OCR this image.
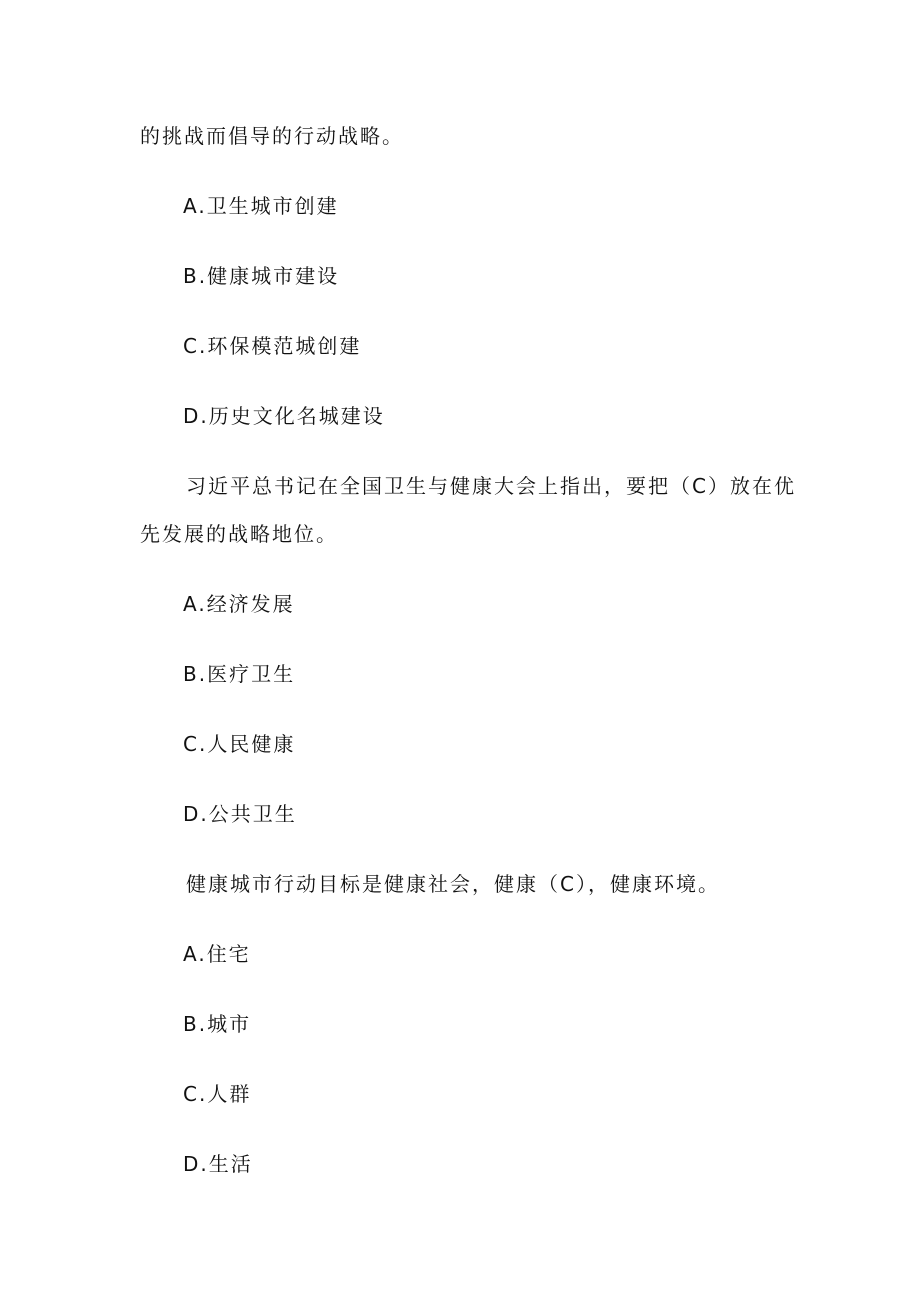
的挑战而倡导的行动战略。
A.卫生城市创建
B.健康城市建设
C.环保模范城创建
D.历史文化名城建设
习近平总书记在全国卫生与健康大会上指出，要把（C）放在优
先发展的战略地位。
A.经济发展
B.医疗卫生
C.人民健康
D.公共卫生
健康城市行动目标是健康社会，健康（C），健康环境。
A.住宅
B.城市
C.人群
D.生活
